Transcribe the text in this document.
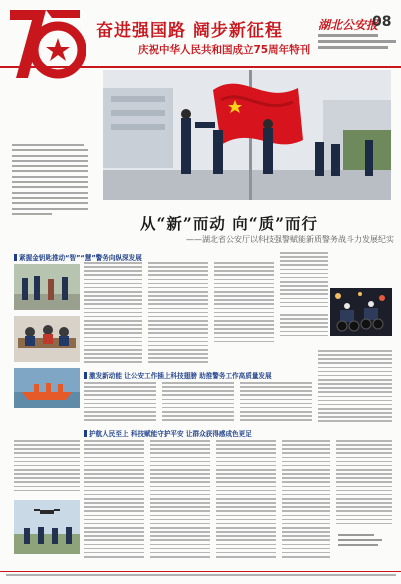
奋进强国路 阔步新征程
庆祝中华人民共和国成立75周年特刊
湖北公安报
08
从“新”而动 向“质”而行
——湖北省公安厅以科技强警赋能新质警务战斗力发展纪实
紧握金钥匙推动“智”“慧”警务向纵深发展
激发新动能 让公安工作插上科技翅膀 助推警务工作高质量发展
护航人民至上 科技赋能守护平安 让群众获得感成色更足
